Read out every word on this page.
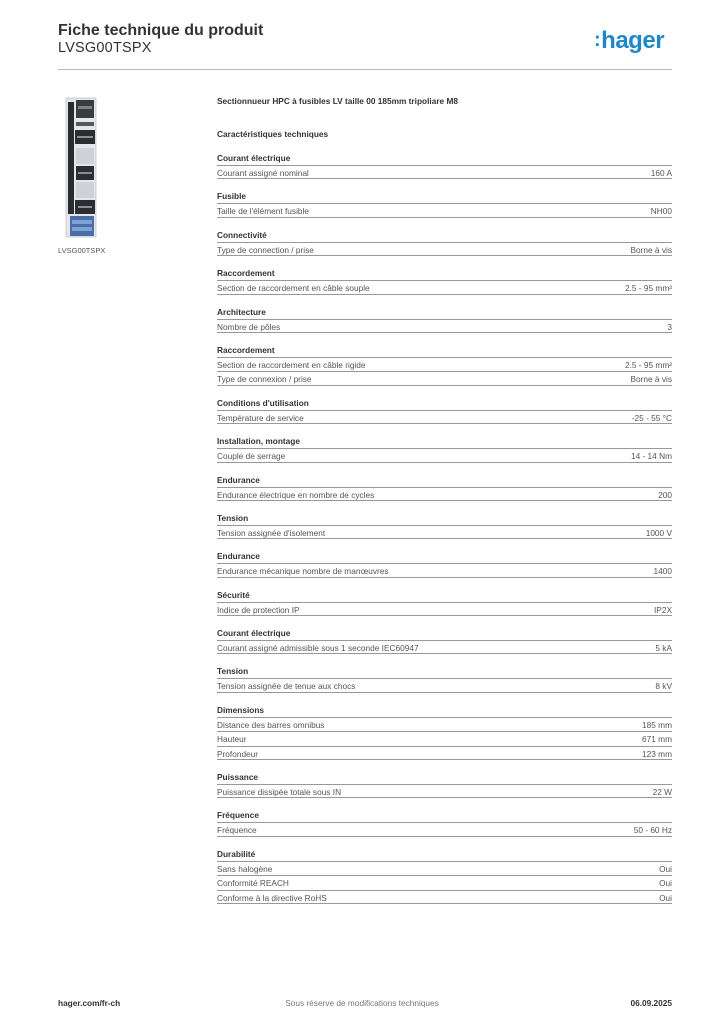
Fiche technique du produit
LVSG00TSPX	:hager
LVSG00TSPX
Sectionnueur HPC à fusibles LV taille 00 185mm tripoliare M8
Caractéristiques techniques
Courant électrique
Courant assigné nominal	160 A
Fusible
Taille de l'élément fusible	NH00
Connectivité
Type de connection / prise	Borne à vis
Raccordement
Section de raccordement en câble souple	2.5 - 95 mm²
Architecture
Nombre de pôles	3
Raccordement
Section de raccordement en câble rigide	2.5 - 95 mm²
Type de connexion / prise	Borne à vis
Conditions d'utilisation
Température de service	-25 - 55 °C
Installation, montage
Couple de serrage	14 - 14 Nm
Endurance
Endurance électrique en nombre de cycles	200
Tension
Tension assignée d'isolement	1000 V
Endurance
Endurance mécanique nombre de manœuvres	1400
Sécurité
Indice de protection IP	IP2X
Courant électrique
Courant assigné admissible sous 1 seconde IEC60947	5 kA
Tension
Tension assignée de tenue aux chocs	8 kV
Dimensions
Distance des barres omnibus	185 mm
Hauteur	671 mm
Profondeur	123 mm
Puissance
Puissance dissipée totale sous IN	22 W
Fréquence
Fréquence	50 - 60 Hz
Durabilité
Sans halogène	Oui
Conformité REACH	Oui
Conforme à la directive RoHS	Oui
hager.com/fr-ch	Sous réserve de modifications techniques	06.09.2025
